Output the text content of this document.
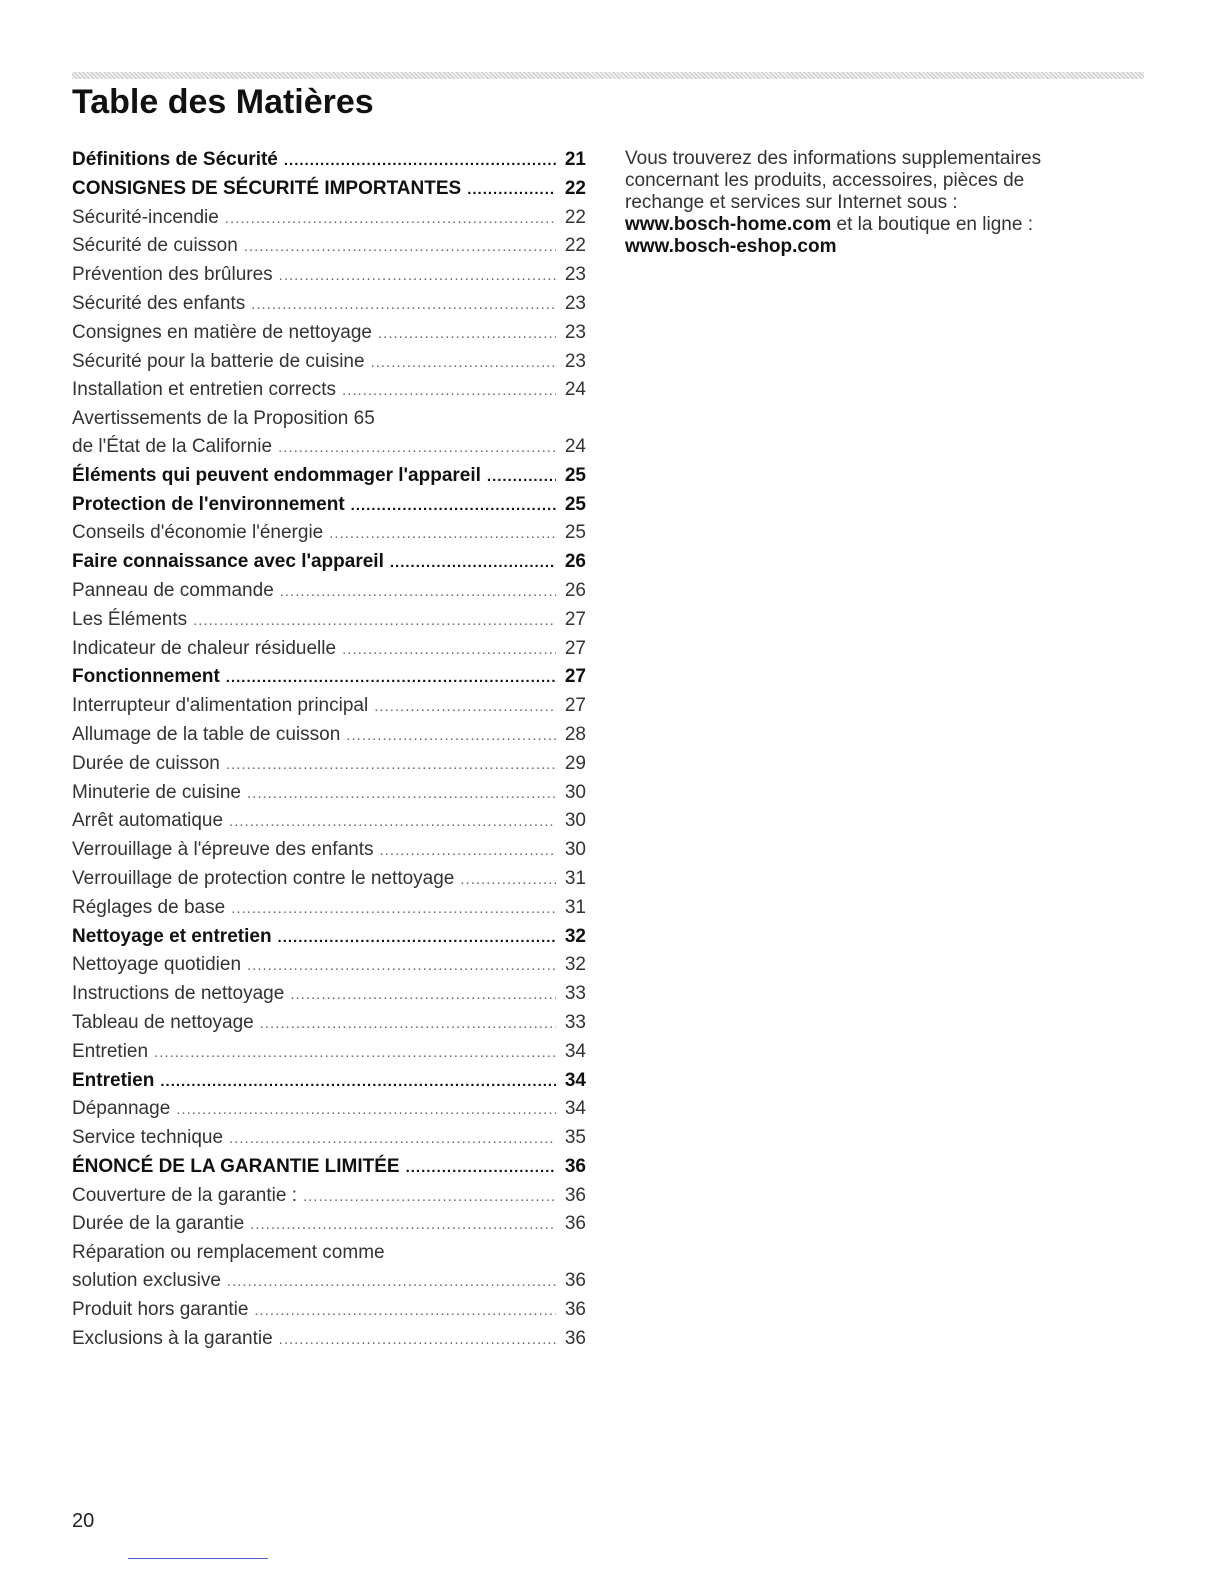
Table des Matières
Définitions de Sécurité .....	21
CONSIGNES DE SÉCURITÉ IMPORTANTES .....	22
Sécurité-incendie .....	22
Sécurité de cuisson .....	22
Prévention des brûlures .....	23
Sécurité des enfants .....	23
Consignes en matière de nettoyage .....	23
Sécurité pour la batterie de cuisine .....	23
Installation et entretien corrects .....	24
Avertissements de la Proposition 65
de l'État de la Californie .....	24
Éléments qui peuvent endommager l'appareil .....	25
Protection de l'environnement .....	25
Conseils d'économie l'énergie .....	25
Faire connaissance avec l'appareil .....	26
Panneau de commande .....	26
Les Éléments .....	27
Indicateur de chaleur résiduelle .....	27
Fonctionnement .....	27
Interrupteur d'alimentation principal .....	27
Allumage de la table de cuisson .....	28
Durée de cuisson .....	29
Minuterie de cuisine .....	30
Arrêt automatique .....	30
Verrouillage à l'épreuve des enfants .....	30
Verrouillage de protection contre le nettoyage .....	31
Réglages de base .....	31
Nettoyage et entretien .....	32
Nettoyage quotidien .....	32
Instructions de nettoyage .....	33
Tableau de nettoyage .....	33
Entretien .....	34
Entretien .....	34
Dépannage .....	34
Service technique .....	35
ÉNONCÉ DE LA GARANTIE LIMITÉE .....	36
Couverture de la garantie : .....	36
Durée de la garantie .....	36
Réparation ou remplacement comme
solution exclusive .....	36
Produit hors garantie .....	36
Exclusions à la garantie .....	36
Vous trouverez des informations supplementaires
concernant les produits, accessoires, pièces de
rechange et services sur Internet sous :
www.bosch-home.com et la boutique en ligne :
www.bosch-eshop.com
20
